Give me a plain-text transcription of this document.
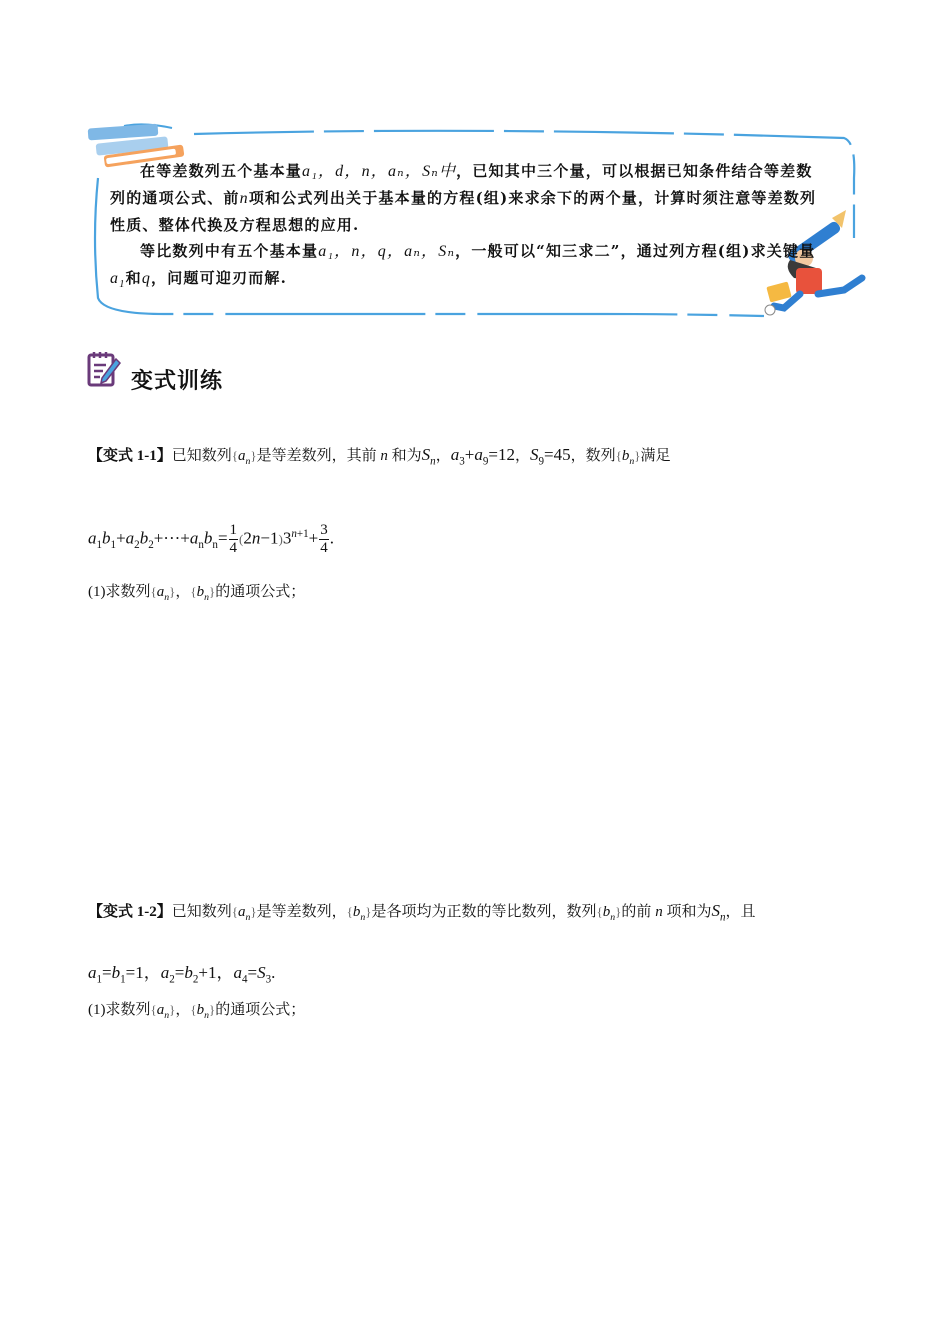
在等差数列五个基本量a₁，d，n，aₙ，Sₙ中，已知其中三个量，可以根据已知条件结合等差数列的通项公式、前n项和公式列出关于基本量的方程(组)来求余下的两个量，计算时须注意等差数列性质、整体代换及方程思想的应用.

等比数列中有五个基本量a₁，n，q，aₙ，Sₙ，一般可以“知三求二”，通过列方程(组)求关键量$a_1$和q，问题可迎刃而解.

变式训练
【变式 1-1】已知数列$\{a_n\}$是等差数列，其前 n 和为$S_n$，$a_3+a_9=12$，$S_9=45$，数列$\{b_n\}$满足
$a_1b_1+a_2b_2+\cdot\cdot\cdot+a_nb_n= \frac{1}{4} (2n-1)3^{n+1}+ \frac{3}{4}$ .
(1)求数列$\{a_n\}$，$\{b_n\}$的通项公式；
【变式 1-2】已知数列$\{a_n\}$是等差数列，$\{b_n\}$是各项均为正数的等比数列，数列$\{b_n\}$的前 n 项和为$S_n$，且
$a_1=b_1=1$，$a_2=b_2+1$，$a_4=S_3$.
(1)求数列$\{a_n\}$，$\{b_n\}$的通项公式；
